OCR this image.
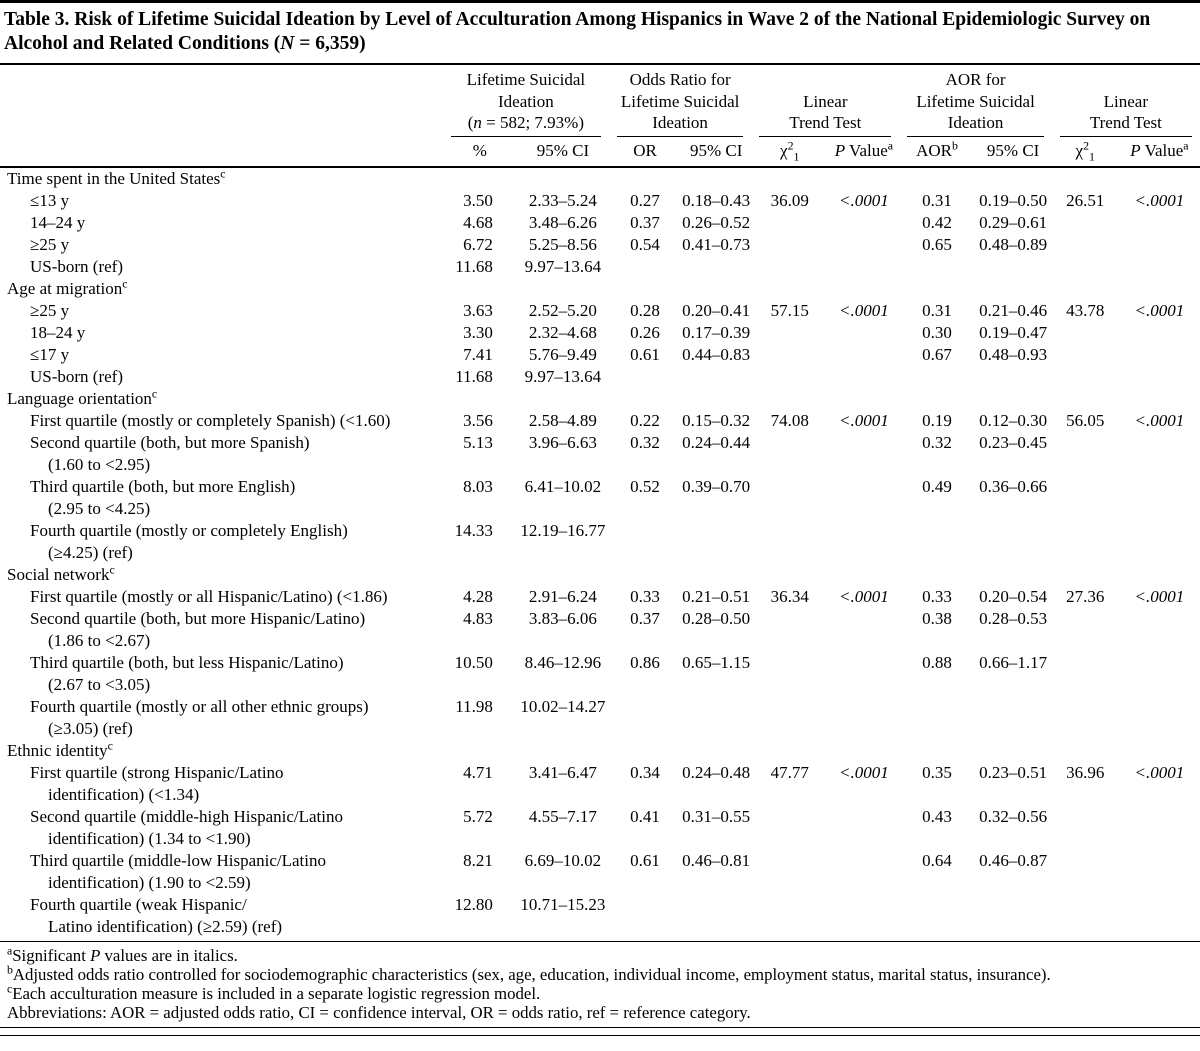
Table 3. Risk of Lifetime Suicidal Ideation by Level of Acculturation Among Hispanics in Wave 2 of the National Epidemiologic Survey on Alcohol and Related Conditions (N = 6,359)

Lifetime Suicidal
Ideation
(n = 582; 7.93%)

Odds Ratio for
Lifetime Suicidal
Ideation

Linear
Trend Test

AOR for
Lifetime Suicidal
Ideation

Linear
Trend Test

	%	95% CI	OR	95% CI	$\chi^2_1$	P Value$^a$	AOR$^b$	95% CI	$\chi^2_1$	P Value$^a$
Time spent in the United States$^c$

≤13 y	3.50	2.33–5.24	0.27	0.18–0.43	36.09	<.0001	0.31	0.19–0.50	26.51	<.0001

14–24 y	4.68	3.48–6.26	0.37	0.26–0.52			0.42	0.29–0.61		

≥25 y	6.72	5.25–8.56	0.54	0.41–0.73			0.65	0.48–0.89		

US-born (ref)	11.68	9.97–13.64								
Age at migration$^c$

≥25 y	3.63	2.52–5.20	0.28	0.20–0.41	57.15	<.0001	0.31	0.21–0.46	43.78	<.0001

18–24 y	3.30	2.32–4.68	0.26	0.17–0.39			0.30	0.19–0.47		

≤17 y	7.41	5.76–9.49	0.61	0.44–0.83			0.67	0.48–0.93		

US-born (ref)	11.68	9.97–13.64								
Language orientation$^c$

First quartile (mostly or completely Spanish) (<1.60)	3.56	2.58–4.89	0.22	0.15–0.32	74.08	<.0001	0.19	0.12–0.30	56.05	<.0001

Second quartile (both, but more Spanish)
(1.60 to <2.95)	5.13	3.96–6.63	0.32	0.24–0.44			0.32	0.23–0.45		

Third quartile (both, but more English)
(2.95 to <4.25)	8.03	6.41–10.02	0.52	0.39–0.70			0.49	0.36–0.66		

Fourth quartile (mostly or completely English)
(≥4.25) (ref)	14.33	12.19–16.77								
Social network$^c$

First quartile (mostly or all Hispanic/Latino) (<1.86)	4.28	2.91–6.24	0.33	0.21–0.51	36.34	<.0001	0.33	0.20–0.54	27.36	<.0001

Second quartile (both, but more Hispanic/Latino)
(1.86 to <2.67)	4.83	3.83–6.06	0.37	0.28–0.50			0.38	0.28–0.53		

Third quartile (both, but less Hispanic/Latino)
(2.67 to <3.05)	10.50	8.46–12.96	0.86	0.65–1.15			0.88	0.66–1.17		

Fourth quartile (mostly or all other ethnic groups)
(≥3.05) (ref)	11.98	10.02–14.27								
Ethnic identity$^c$

First quartile (strong Hispanic/Latino
identification) (<1.34)	4.71	3.41–6.47	0.34	0.24–0.48	47.77	<.0001	0.35	0.23–0.51	36.96	<.0001

Second quartile (middle-high Hispanic/Latino
identification) (1.34 to <1.90)	5.72	4.55–7.17	0.41	0.31–0.55			0.43	0.32–0.56		

Third quartile (middle-low Hispanic/Latino
identification) (1.90 to <2.59)	8.21	6.69–10.02	0.61	0.46–0.81			0.64	0.46–0.87		

Fourth quartile (weak Hispanic/
Latino identification) (≥2.59) (ref)	12.80	10.71–15.23								

$^a$Significant P values are in italics.

$^b$Adjusted odds ratio controlled for sociodemographic characteristics (sex, age, education, individual income, employment status, marital status, insurance).

$^c$Each acculturation measure is included in a separate logistic regression model.

Abbreviations: AOR = adjusted odds ratio, CI = confidence interval, OR = odds ratio, ref = reference category.
